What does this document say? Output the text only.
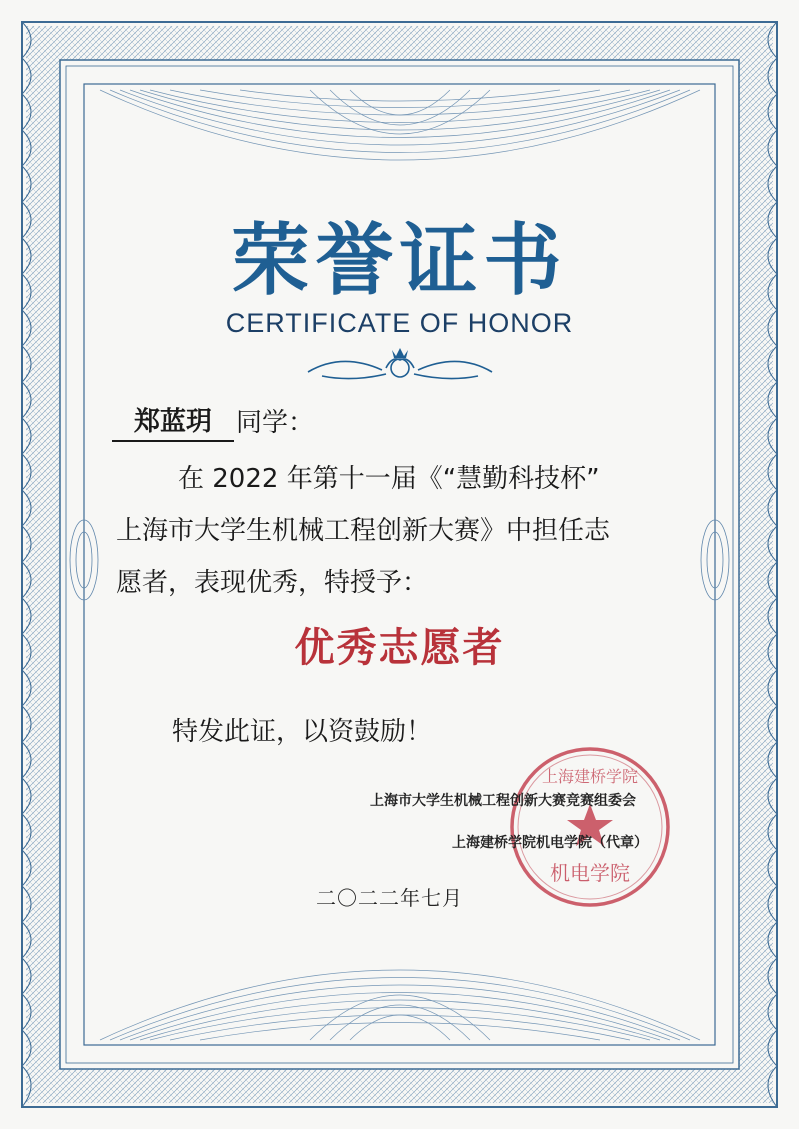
荣誉证书
CERTIFICATE OF HONOR
郑蓝玥 同学：
在 2022 年第十一届《“慧勤科技杯”
上海市大学生机械工程创新大赛》中担任志
愿者，表现优秀，特授予：
优秀志愿者
特发此证，以资鼓励！
上海建桥学院
机电学院
上海市大学生机械工程创新大赛竞赛组委会
上海建桥学院机电学院（代章）
二〇二二年七月
